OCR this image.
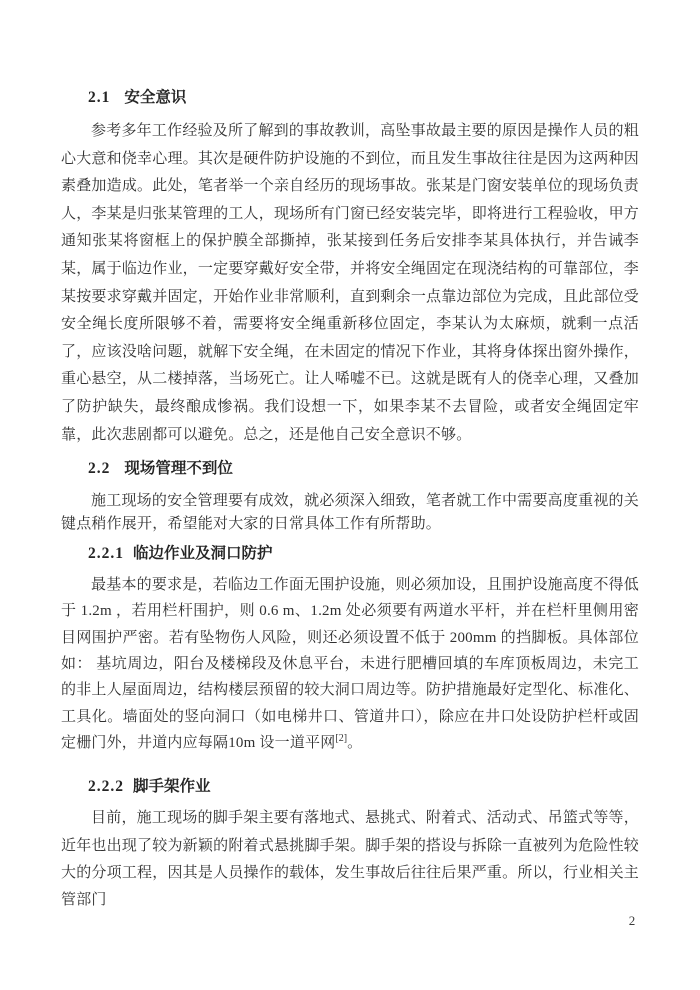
2.1 安全意识

参考多年工作经验及所了解到的事故教训，高坠事故最主要的原因是操作人员的粗心大意和侥幸心理。其次是硬件防护设施的不到位，而且发生事故往往是因为这两种因素叠加造成。此处，笔者举一个亲自经历的现场事故。张某是门窗安装单位的现场负责人，李某是归张某管理的工人，现场所有门窗已经安装完毕，即将进行工程验收，甲方通知张某将窗框上的保护膜全部撕掉，张某接到任务后安排李某具体执行，并告诫李某，属于临边作业，一定要穿戴好安全带，并将安全绳固定在现浇结构的可靠部位，李某按要求穿戴并固定，开始作业非常顺利，直到剩余一点靠边部位为完成，且此部位受安全绳长度所限够不着，需要将安全绳重新移位固定，李某认为太麻烦，就剩一点活了，应该没啥问题，就解下安全绳，在未固定的情况下作业，其将身体探出窗外操作，重心悬空，从二楼掉落，当场死亡。让人唏嘘不已。这就是既有人的侥幸心理，又叠加了防护缺失，最终酿成惨祸。我们设想一下，如果李某不去冒险，或者安全绳固定牢靠，此次悲剧都可以避免。总之，还是他自己安全意识不够。

2.2 现场管理不到位

施工现场的安全管理要有成效，就必须深入细致，笔者就工作中需要高度重视的关键点稍作展开，希望能对大家的日常具体工作有所帮助。

2.2.1 临边作业及洞口防护

最基本的要求是，若临边工作面无围护设施，则必须加设，且围护设施高度不得低于 1.2m ，若用栏杆围护，则 0.6 m、1.2m 处必须要有两道水平杆，并在栏杆里侧用密目网围护严密。若有坠物伤人风险，则还必须设置不低于 200mm 的挡脚板。具体部位如： 基坑周边，阳台及楼梯段及休息平台，未进行肥槽回填的车库顶板周边，未完工的非上人屋面周边，结构楼层预留的较大洞口周边等。防护措施最好定型化、标准化、工具化。墙面处的竖向洞口（如电梯井口、管道井口），除应在井口处设防护栏杆或固定栅门外，井道内应每隔10m 设一道平网[2]。

2.2.2 脚手架作业

目前，施工现场的脚手架主要有落地式、悬挑式、附着式、活动式、吊篮式等等，近年也出现了较为新颖的附着式悬挑脚手架。脚手架的搭设与拆除一直被列为危险性较大的分项工程，因其是人员操作的载体，发生事故后往往后果严重。所以，行业相关主管部门

2
